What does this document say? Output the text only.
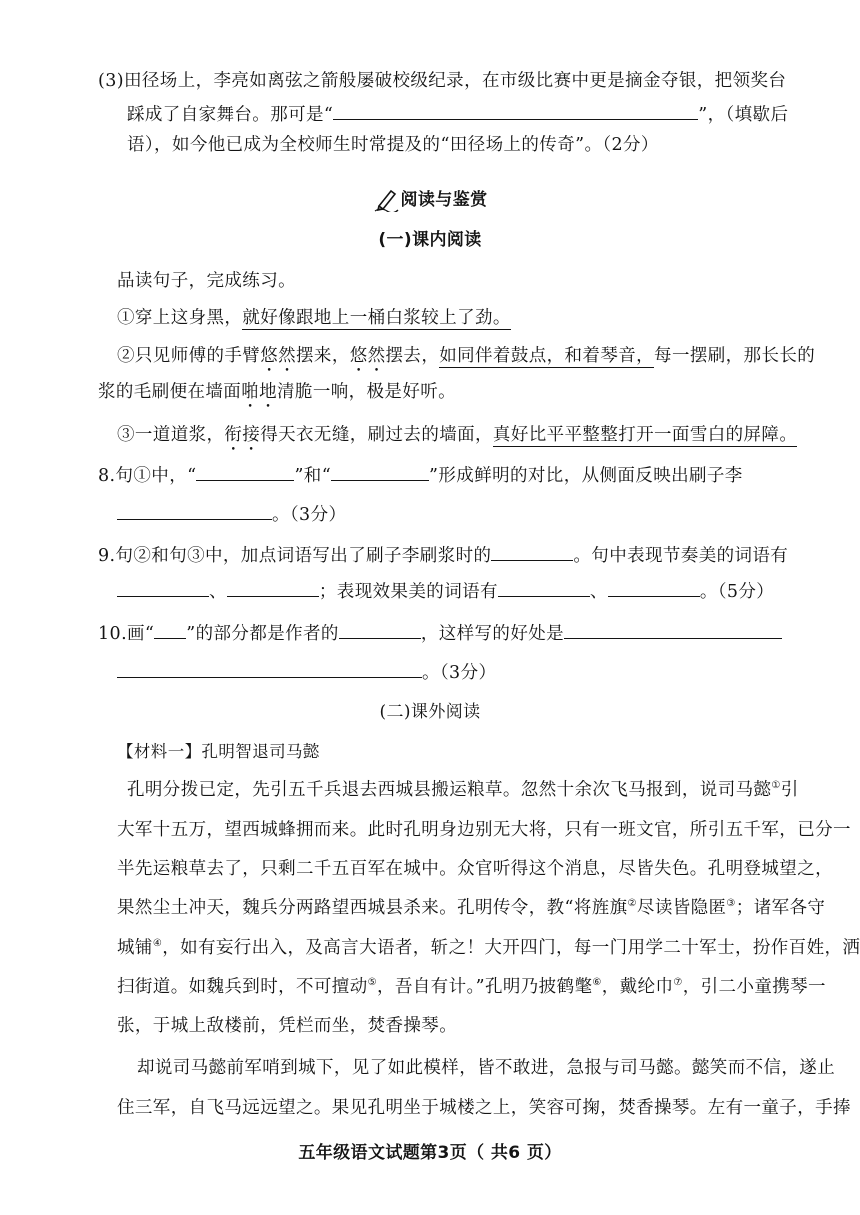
(3)田径场上，李亮如离弦之箭般屡破校级纪录，在市级比赛中更是摘金夺银，把领奖台
踩成了自家舞台。那可是“	”，（填歇后
语），如今他已成为全校师生时常提及的“田径场上的传奇”。（2分）
阅读与鉴赏
(一)课内阅读
品读句子，完成练习。
①穿上这身黑，就好像跟地上一桶白浆较上了劲。
②只见师傅的手臂悠然摆来，悠然摆去，如同伴着鼓点，和着琴音，每一摆刷，那长长的
浆的毛刷便在墙面啪地清脆一响，极是好听。
③一道道浆，衔接得天衣无缝，刷过去的墙面，真好比平平整整打开一面雪白的屏障。
8.句①中，“	”和“	”形成鲜明的对比，从侧面反映出刷子李
。（3分）
9.句②和句③中，加点词语写出了刷子李刷浆时的	。句中表现节奏美的词语有
、	；表现效果美的词语有	、	。（5分）
10.画“ ”的部分都是作者的	，这样写的好处是
。（3分）
(二)课外阅读
【材料一】孔明智退司马懿
孔明分拨已定，先引五千兵退去西城县搬运粮草。忽然十余次飞马报到，说司马懿①引
大军十五万，望西城蜂拥而来。此时孔明身边别无大将，只有一班文官，所引五千军，已分一
半先运粮草去了，只剩二千五百军在城中。众官听得这个消息，尽皆失色。孔明登城望之，
果然尘土冲天，魏兵分两路望西城县杀来。孔明传令，教“将旌旗②尽读皆隐匿③；诸军各守
城铺④，如有妄行出入，及高言大语者，斩之！大开四门，每一门用学二十军士，扮作百姓，洒
扫街道。如魏兵到时，不可擅动⑤，吾自有计。”孔明乃披鹤氅⑥，戴纶巾⑦，引二小童携琴一
张，于城上敌楼前，凭栏而坐，焚香操琴。
却说司马懿前军哨到城下，见了如此模样，皆不敢进，急报与司马懿。懿笑而不信，遂止
住三军，自飞马远远望之。果见孔明坐于城楼之上，笑容可掬，焚香操琴。左有一童子，手捧
五年级语文试题第3页（ 共6 页）
